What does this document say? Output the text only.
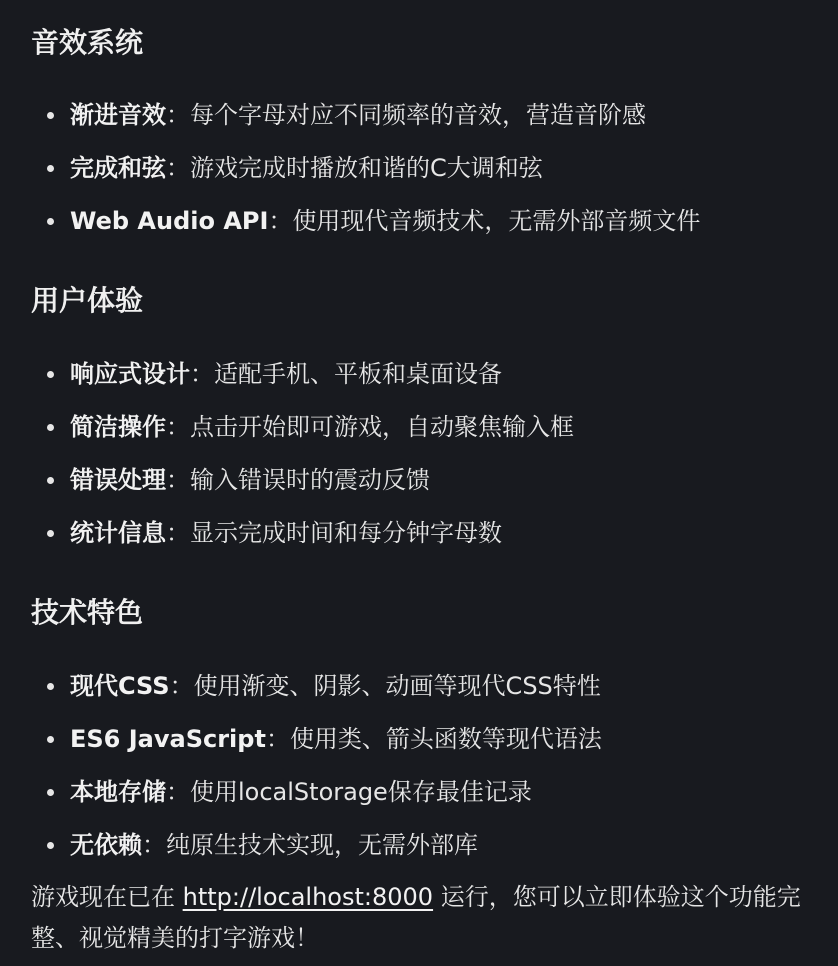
音效系统
渐进音效：每个字母对应不同频率的音效，营造音阶感
完成和弦：游戏完成时播放和谐的C大调和弦
Web Audio API：使用现代音频技术，无需外部音频文件
用户体验
响应式设计：适配手机、平板和桌面设备
简洁操作：点击开始即可游戏，自动聚焦输入框
错误处理：输入错误时的震动反馈
统计信息：显示完成时间和每分钟字母数
技术特色
现代CSS：使用渐变、阴影、动画等现代CSS特性
ES6 JavaScript：使用类、箭头函数等现代语法
本地存储：使用localStorage保存最佳记录
无依赖：纯原生技术实现，无需外部库

游戏现在已在 http://localhost:8000 运行，您可以立即体验这个功能完整、视觉精美的打字游戏！
